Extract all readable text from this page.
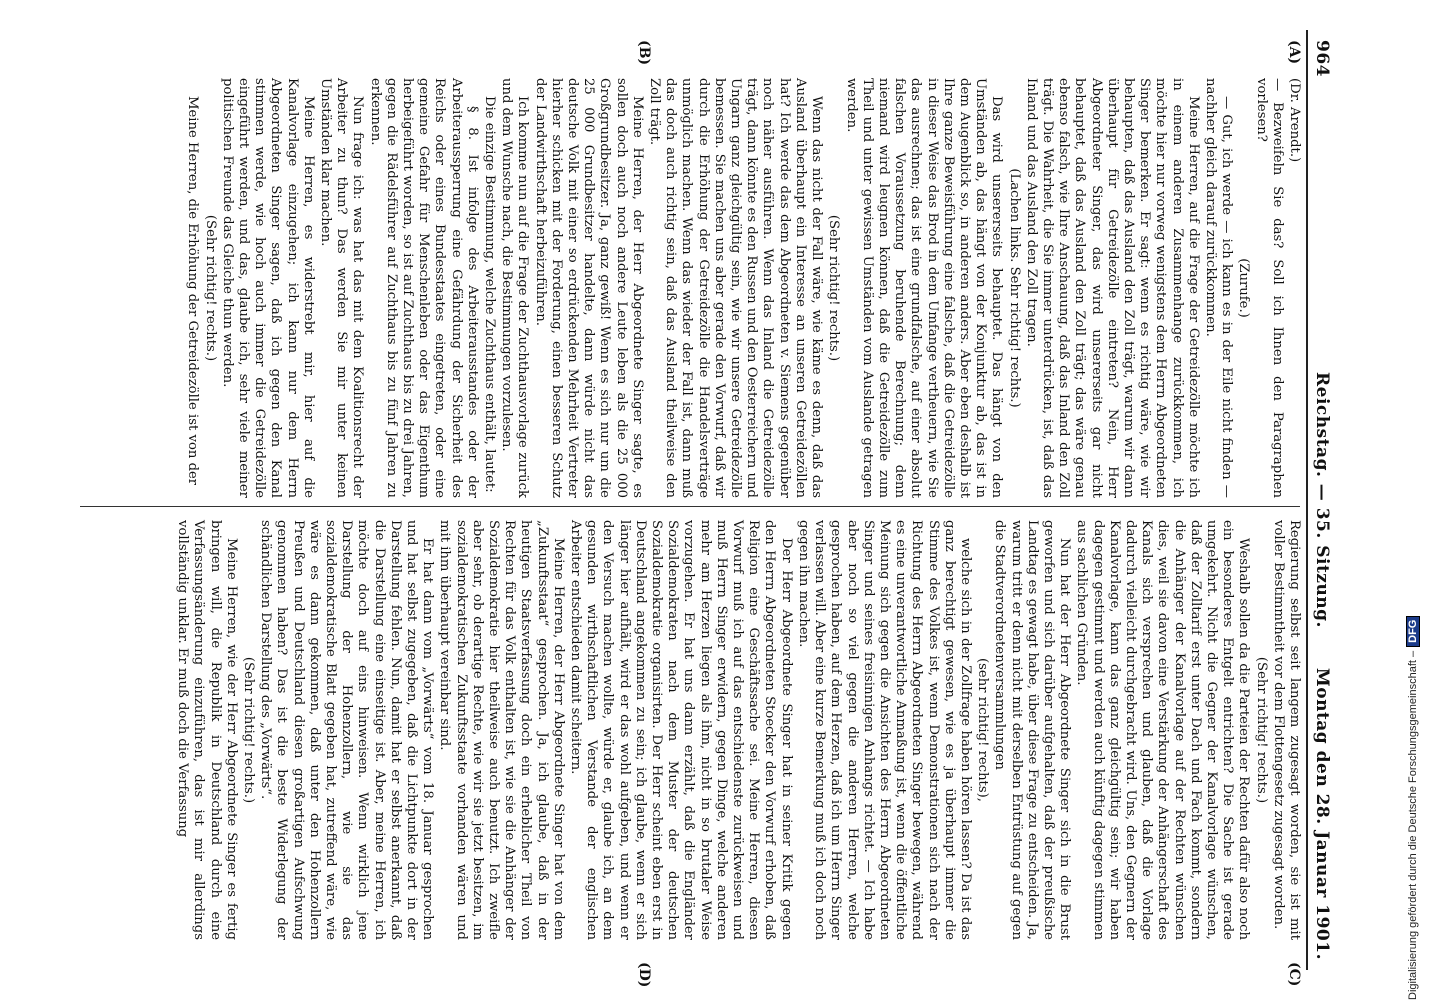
964
Reichstag. — 35. Sitzung.
Montag den 28. Januar 1901.
(A)
(B)
(C)
(D)

(Dr. Arendt.)

— Bezweifeln Sie das? Soll ich Ihnen den Paragraphen vorlesen?

(Zurufe.)

— Gut, ich werde — ich kann es in der Eile nicht finden — nachher gleich darauf zurückkommen.

Meine Herren, auf die Frage der Getreidezölle möchte ich in einem anderen Zusammenhange zurückkommen, ich möchte hier nur vorweg wenigstens dem Herrn Abgeordneten Singer bemerken. Er sagt: wenn es richtig wäre, wie wir behaupten, daß das Ausland den Zoll trägt, warum wir dann überhaupt für Getreidezölle eintreten? Nein, Herr Abgeordneter Singer, das wird unsererseits gar nicht behauptet, daß das Ausland den Zoll trägt; das wäre genau ebenso falsch, wie Ihre Anschauung, daß das Inland den Zoll trägt. Die Wahrheit, die Sie immer unterdrücken, ist, daß das Inland und das Ausland den Zoll tragen.

(Lachen links. Sehr richtig! rechts.)

Das wird unsererseits behauptet. Das hängt von den Umständen ab, das hängt von der Konjunktur ab, das ist in dem Augenblick so, in anderen anders. Aber eben deshalb ist Ihre ganze Beweisführung eine falsche, daß die Getreidezölle in dieser Weise das Brod in dem Umfange vertheuern, wie Sie das ausrechnen; das ist eine grundfalsche, auf einer absolut falschen Voraussetzung beruhende Berechnung; denn niemand wird leugnen können, daß die Getreidezölle zum Theil und unter gewissen Umständen vom Auslande getragen werden.

(Sehr richtig! rechts.)

Wenn das nicht der Fall wäre, wie käme es denn, daß das Ausland überhaupt ein Interesse an unseren Getreidezöllen hat? Ich werde das dem Abgeordneten v. Siemens gegenüber noch näher ausführen. Wenn das Inland die Getreidezölle trägt, dann könnte es den Russen und den Oesterreichern und Ungarn ganz gleichgültig sein, wie wir unsere Getreidezölle bemessen. Sie machen uns aber gerade den Vorwurf, daß wir durch die Erhöhung der Getreidezölle die Handelsverträge unmöglich machen. Wenn das wieder der Fall ist, dann muß das doch auch richtig sein, daß das Ausland theilweise den Zoll trägt.

Meine Herren, der Herr Abgeordnete Singer sagte, es sollen doch auch noch andere Leute leben als die 25 000 Großgrundbesitzer. Ja, ganz gewiß! Wenn es sich nur um die 25 000 Grundbesitzer handelte, dann würde nicht das deutsche Volk mit einer so erdrückenden Mehrheit Vertreter hierher schicken mit der Forderung, einen besseren Schutz der Landwirthschaft herbeizuführen.

Ich komme nun auf die Frage der Zuchthausvorlage zurück und dem Wunsche nach, die Bestimmungen vorzulesen.

Die einzige Bestimmung, welche Zuchthaus enthält, lautet:

§ 8. Ist infolge des Arbeiterausstandes oder der Arbeiteraussperrung eine Gefährdung der Sicherheit des Reichs oder eines Bundesstaates eingetreten, oder eine gemeine Gefahr für Menschenleben oder das Eigenthum herbeigeführt worden, so ist auf Zuchthaus bis zu drei Jahren, gegen die Rädelsführer auf Zuchthaus bis zu fünf Jahren zu erkennen.

Nun frage ich: was hat das mit dem Koalitionsrecht der Arbeiter zu thun? Das werden Sie mir unter keinen Umständen klar machen.

Meine Herren, es widerstrebt mir, hier auf die Kanalvorlage einzugehen; ich kann nur dem Herrn Abgeordneten Singer sagen, daß ich gegen den Kanal stimmen werde, wie hoch auch immer die Getreidezölle eingeführt werden, und das, glaube ich, sehr viele meiner politischen Freunde das Gleiche thun werden.

(Sehr richtig! rechts.)

Meine Herren, die Erhöhung der Getreidezölle ist von der

Regierung selbst seit langem zugesagt worden, sie ist mit voller Bestimmtheit vor dem Flottengesetz zugesagt worden.

(Sehr richtig! rechts.)

Weshalb sollen da die Parteien der Rechten dafür also noch ein besonderes Entgelt entrichten? Die Sache ist gerade umgekehrt. Nicht die Gegner der Kanalvorlage wünschen, daß der Zolltarif erst unter Dach und Fach kommt, sondern die Anhänger der Kanalvorlage auf der Rechten wünschen dies, weil sie davon eine Verstärkung der Anhängerschaft des Kanals sich versprechen und glauben, daß die Vorlage dadurch vielleicht durchgebracht wird. Uns, den Gegnern der Kanalvorlage, kann das ganz gleichgültig sein; wir haben dagegen gestimmt und werden auch künftig dagegen stimmen aus sachlichen Gründen.

Nun hat der Herr Abgeordnete Singer sich in die Brust geworfen und sich darüber aufgehalten, daß der preußische Landtag es gewagt habe, über diese Frage zu entscheiden. Ja, warum tritt er denn nicht mit derselben Entrüstung auf gegen die Stadtverordnetenversammlungen

(sehr richtig! rechts),

welche sich in der Zollfrage haben hören lassen? Da ist das ganz berechtigt gewesen, wie es ja überhaupt immer die Stimme des Volkes ist, wenn Demonstrationen sich nach der Richtung des Herrn Abgeordneten Singer bewegen, während es eine unverantwortliche Anmaßung ist, wenn die öffentliche Meinung sich gegen die Ansichten des Herrn Abgeordneten Singer und seines freisinnigen Anhangs richtet. — Ich habe aber noch so viel gegen die anderen Herren, welche gesprochen haben, auf dem Herzen, daß ich um Herrn Singer verlassen will. Aber eine kurze Bemerkung muß ich doch noch gegen ihn machen.

Der Herr Abgeordnete Singer hat in seiner Kritik gegen den Herrn Abgeordneten Stoecker den Vorwurf erhoben, daß Religion eine Geschäftssache sei. Meine Herren, diesen Vorwurf muß ich auf das entschiedenste zurückweisen und muß Herrn Singer erwidern, gegen Dinge, welche anderen mehr am Herzen liegen als ihm, nicht in so brutaler Weise vorzugehen. Er hat uns dann erzählt, daß die Engländer Sozialdemokraten nach dem Muster der deutschen Sozialdemokratie organisirten. Der Herr scheint eben erst in Deutschland angekommen zu sein; ich glaube, wenn er sich länger hier aufhält, wird er das wohl aufgeben, und wenn er den Versuch machen wollte, würde er, glaube ich, an dem gesunden wirthschaftlichen Verstande der englischen Arbeiter entschieden damit scheitern.

Meine Herren, der Herr Abgeordnete Singer hat von dem „Zukunftsstaat“ gesprochen. Ja, ich glaube, daß in der heutigen Staatsverfassung doch ein erheblicher Theil von Rechten für das Volk enthalten ist, wie sie die Anhänger der Sozialdemokratie hier theilweise auch benutzt. Ich zweifle aber sehr, ob derartige Rechte, wie wir sie jetzt besitzen, im sozialdemokratischen Zukunftsstaate vorhanden wären und mit ihm überhaupt vereinbar sind.

Er hat dann vom „Vorwärts“ vom 18. Januar gesprochen und hat selbst zugegeben, daß die Lichtpunkte dort in der Darstellung fehlen. Nun, damit hat er selbst anerkannt, daß die Darstellung eine einseitige ist. Aber, meine Herren, ich möchte doch auf eins hinweisen. Wenn wirklich jene Darstellung der Hohenzollern, wie sie das sozialdemokratische Blatt gegeben hat, zutreffend wäre, wie wäre es dann gekommen, daß unter den Hohenzollern Preußen und Deutschland diesen großartigen Aufschwung genommen haben? Das ist die beste Widerlegung der schändlichen Darstellung des „Vorwärts“.

(Sehr richtig! rechts.)

Meine Herren, wie der Herr Abgeordnete Singer es fertig bringen will, die Republik in Deutschland durch eine Verfassungsänderung einzuführen, das ist mir allerdings vollständig unklar. Er muß doch die Verfassung	Digitalisierung gefördert durch die Deutsche Forschungsgemeinschaft –DFG
